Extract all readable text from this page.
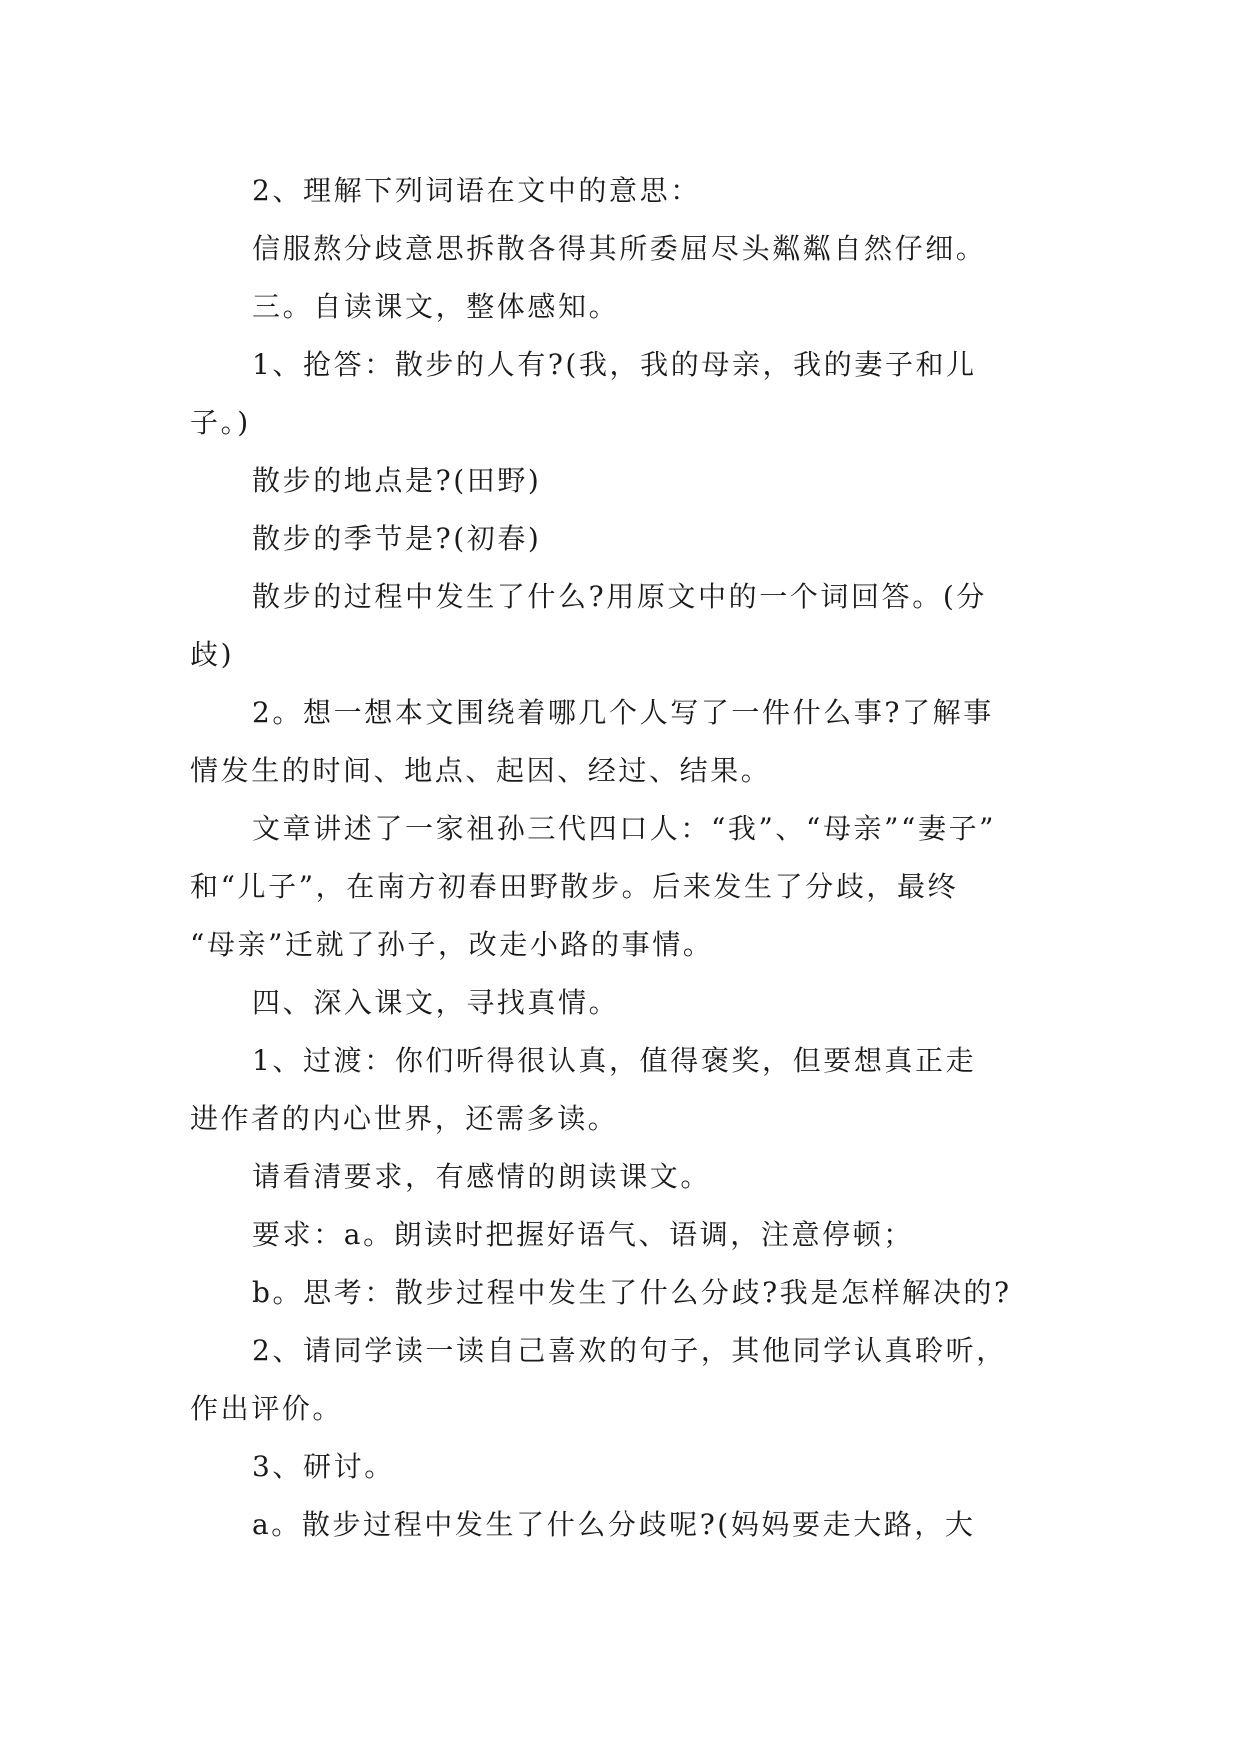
2、理解下列词语在文中的意思：
信服熬分歧意思拆散各得其所委屈尽头粼粼自然仔细。
三。自读课文，整体感知。
1、抢答：散步的人有?(我，我的母亲，我的妻子和儿
子。)
散步的地点是?(田野)
散步的季节是?(初春)
散步的过程中发生了什么?用原文中的一个词回答。(分
歧)
2。想一想本文围绕着哪几个人写了一件什么事?了解事
情发生的时间、地点、起因、经过、结果。
文章讲述了一家祖孙三代四口人：“我”、“母亲”“妻子”
和“儿子”，在南方初春田野散步。后来发生了分歧，最终
“母亲”迁就了孙子，改走小路的事情。
四、深入课文，寻找真情。
1、过渡：你们听得很认真，值得褒奖，但要想真正走
进作者的内心世界，还需多读。
请看清要求，有感情的朗读课文。
要求：a。朗读时把握好语气、语调，注意停顿；
b。思考：散步过程中发生了什么分歧?我是怎样解决的?
2、请同学读一读自己喜欢的句子，其他同学认真聆听，
作出评价。
3、研讨。
a。散步过程中发生了什么分歧呢?(妈妈要走大路，大
